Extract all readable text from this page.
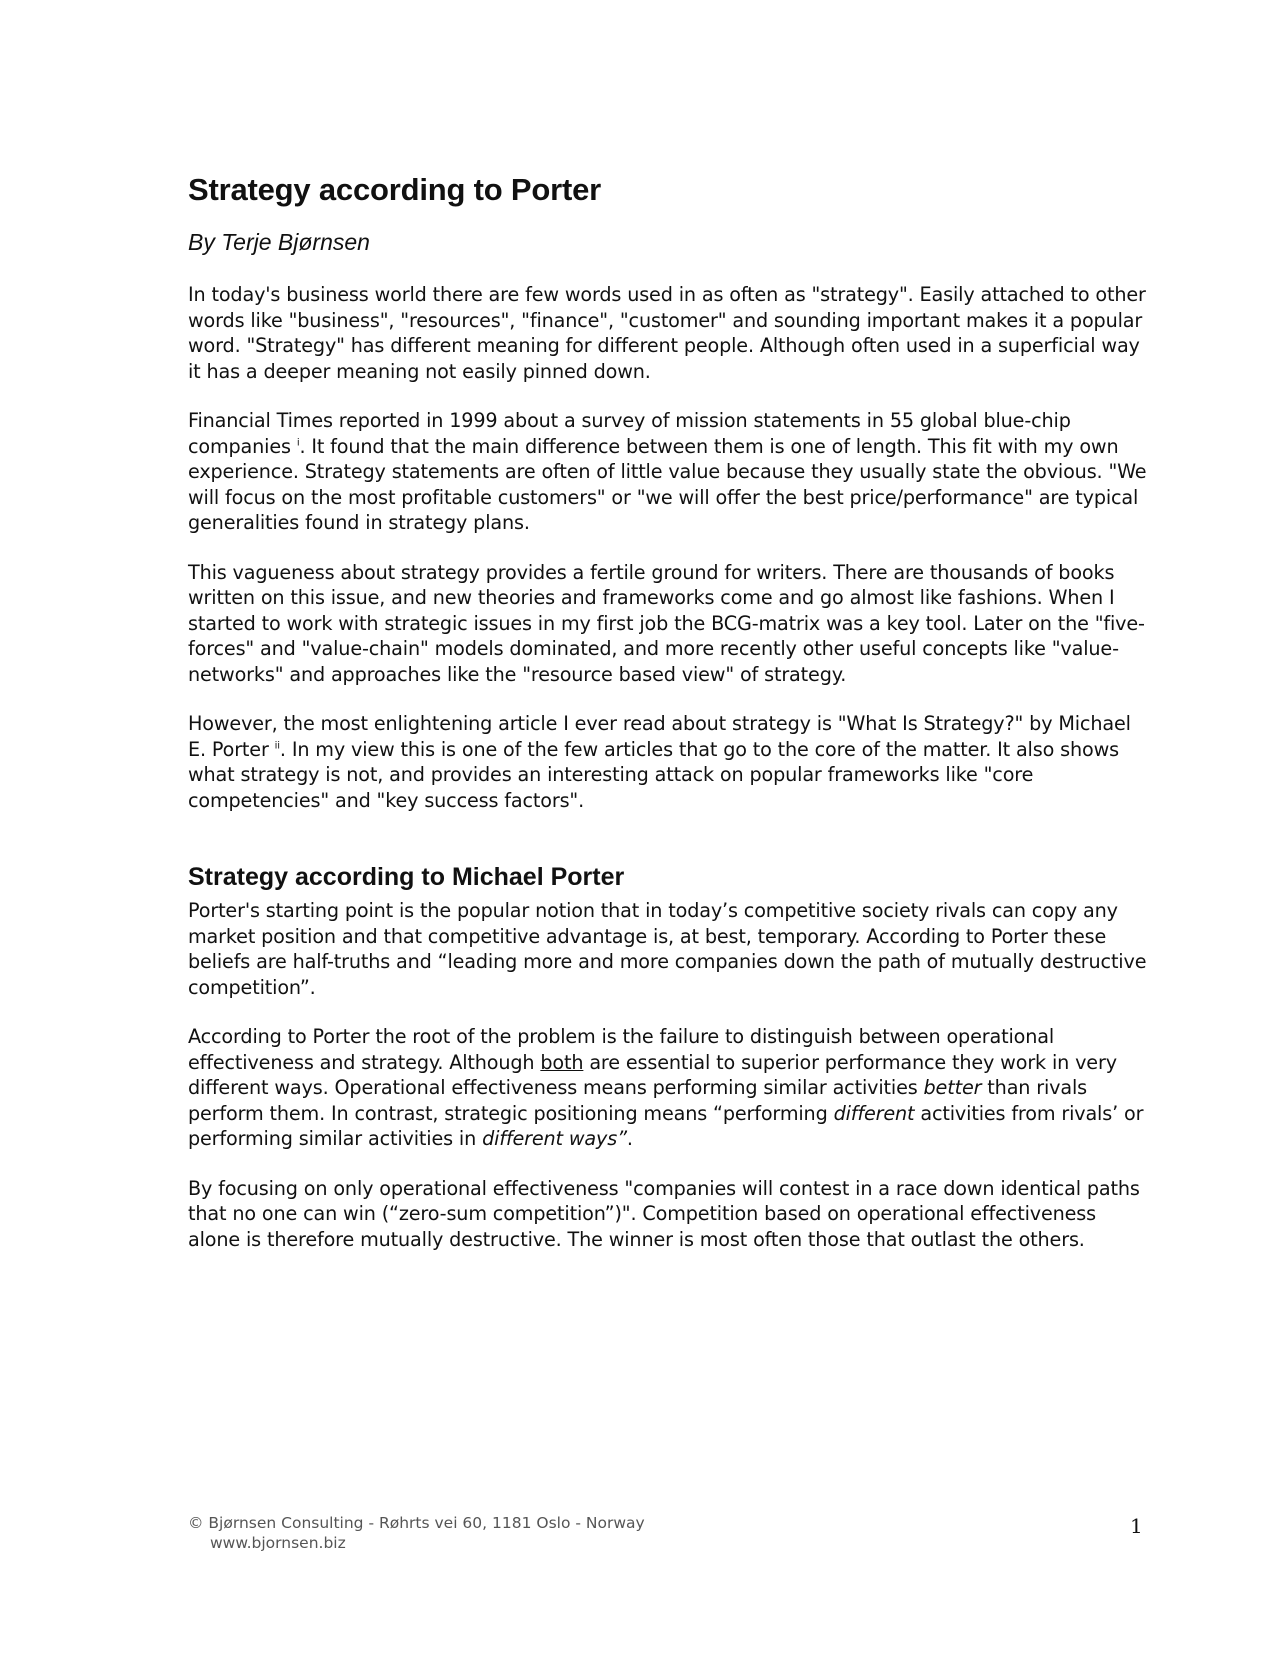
Strategy according to Porter
By Terje Bjørnsen

In today's business world there are few words used in as often as "strategy". Easily attached to other words like "business", "resources", "finance", "customer" and sounding important makes it a popular word. "Strategy" has different meaning for different people. Although often used in a superficial way it has a deeper meaning not easily pinned down.

Financial Times reported in 1999 about a survey of mission statements in 55 global blue-chip companies $^i$. It found that the main difference between them is one of length. This fit with my own experience. Strategy statements are often of little value because they usually state the obvious. "We will focus on the most profitable customers" or "we will offer the best price/performance" are typical generalities found in strategy plans.

This vagueness about strategy provides a fertile ground for writers. There are thousands of books written on this issue, and new theories and frameworks come and go almost like fashions. When I started to work with strategic issues in my first job the BCG-matrix was a key tool. Later on the "five-forces" and "value-chain" models dominated, and more recently other useful concepts like "value-networks" and approaches like the "resource based view" of strategy.

However, the most enlightening article I ever read about strategy is "What Is Strategy?" by Michael E. Porter $^{ii}$. In my view this is one of the few articles that go to the core of the matter. It also shows what strategy is not, and provides an interesting attack on popular frameworks like "core competencies" and "key success factors".

Strategy according to Michael Porter

Porter's starting point is the popular notion that in today’s competitive society rivals can copy any market position and that competitive advantage is, at best, temporary. According to Porter these beliefs are half-truths and “leading more and more companies down the path of mutually destructive competition”.

According to Porter the root of the problem is the failure to distinguish between operational effectiveness and strategy. Although both are essential to superior performance they work in very different ways. Operational effectiveness means performing similar activities better than rivals perform them. In contrast, strategic positioning means “performing different activities from rivals’ or performing similar activities in different ways”.

By focusing on only operational effectiveness "companies will contest in a race down identical paths that no one can win (“zero-sum competition”)". Competition based on operational effectiveness alone is therefore mutually destructive. The winner is most often those that outlast the others.

© Bjørnsen Consulting - Røhrts vei 60, 1181 Oslo - Norway
www.bjornsen.biz
1
